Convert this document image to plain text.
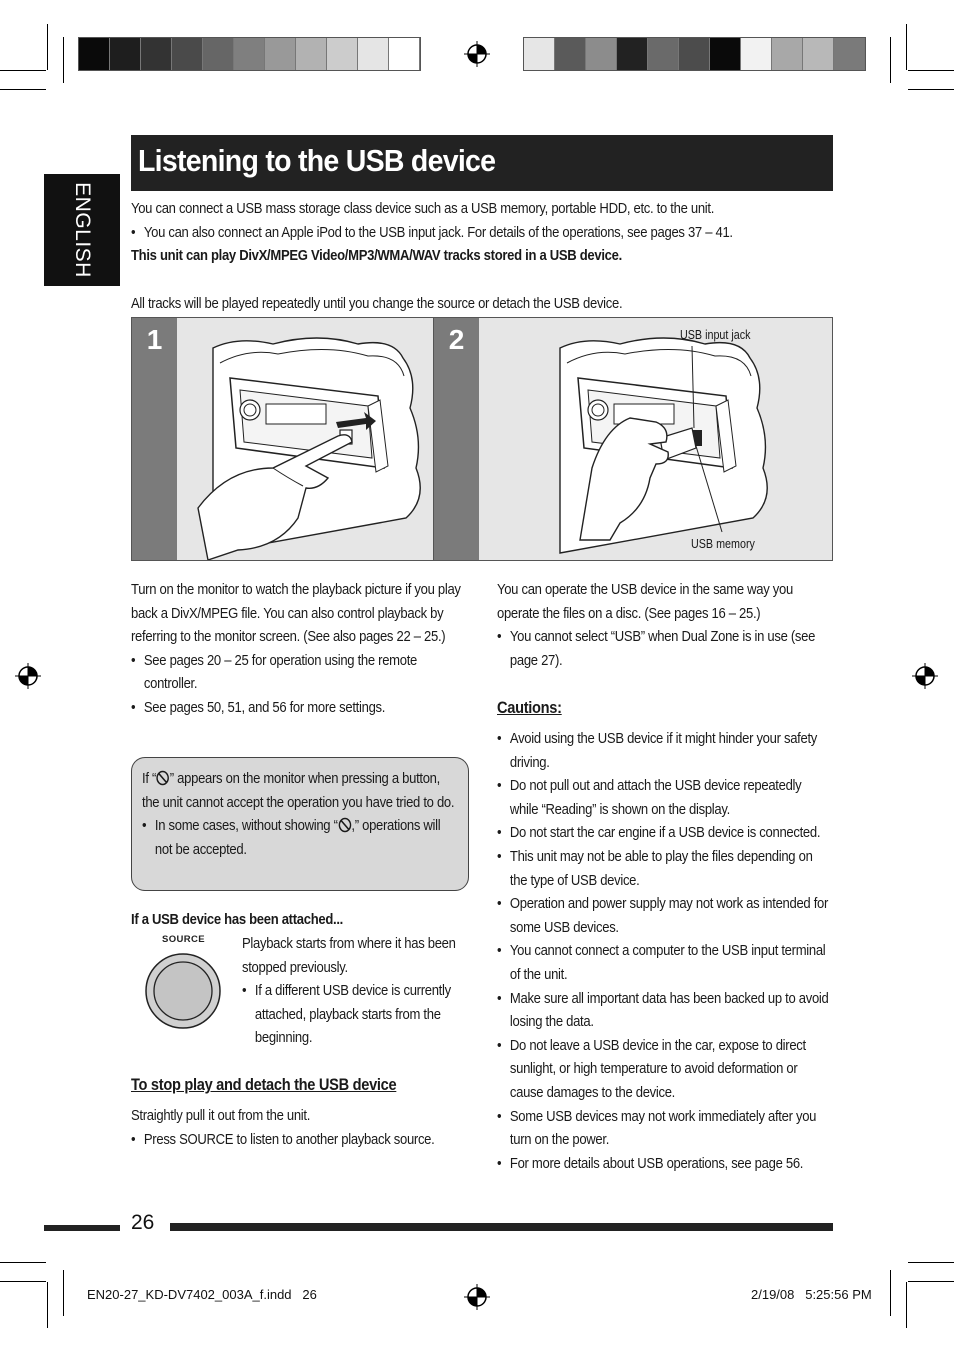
ENGLISH
Listening to the USB device
You can connect a USB mass storage class device such as a USB memory, portable HDD, etc. to the unit.
• You can also connect an Apple iPod to the USB input jack. For details of the operations, see pages 37 – 41.
This unit can play DivX/MPEG Video/MP3/WMA/WAV tracks stored in a USB device.
All tracks will be played repeatedly until you change the source or detach the USB device.
1	2	USB input jack
USB memory
Turn on the monitor to watch the playback picture if you play back a DivX/MPEG file. You can also control playback by referring to the monitor screen. (See also pages 22 – 25.)
• See pages 20 – 25 for operation using the remote controller.
• See pages 50, 51, and 56 for more settings.
If “ ” appears on the monitor when pressing a button, the unit cannot accept the operation you have tried to do.
• In some cases, without showing “ ,” operations will not be accepted.
If a USB device has been attached...
SOURCE Playback starts from where it has been stopped previously.
• If a different USB device is currently attached, playback starts from the beginning.
To stop play and detach the USB device
Straightly pull it out from the unit.
• Press SOURCE to listen to another playback source.
You can operate the USB device in the same way you operate the files on a disc. (See pages 16 – 25.)
• You cannot select “USB” when Dual Zone is in use (see page 27).
Cautions:
• Avoid using the USB device if it might hinder your safety driving.
• Do not pull out and attach the USB device repeatedly while “Reading” is shown on the display.
• Do not start the car engine if a USB device is connected.
• This unit may not be able to play the files depending on the type of USB device.
• Operation and power supply may not work as intended for some USB devices.
• You cannot connect a computer to the USB input terminal of the unit.
• Make sure all important data has been backed up to avoid losing the data.
• Do not leave a USB device in the car, expose to direct sunlight, or high temperature to avoid deformation or cause damages to the device.
• Some USB devices may not work immediately after you turn on the power.
• For more details about USB operations, see page 56.
26
EN20-27_KD-DV7402_003A_f.indd   26	2/19/08   5:25:56 PM
